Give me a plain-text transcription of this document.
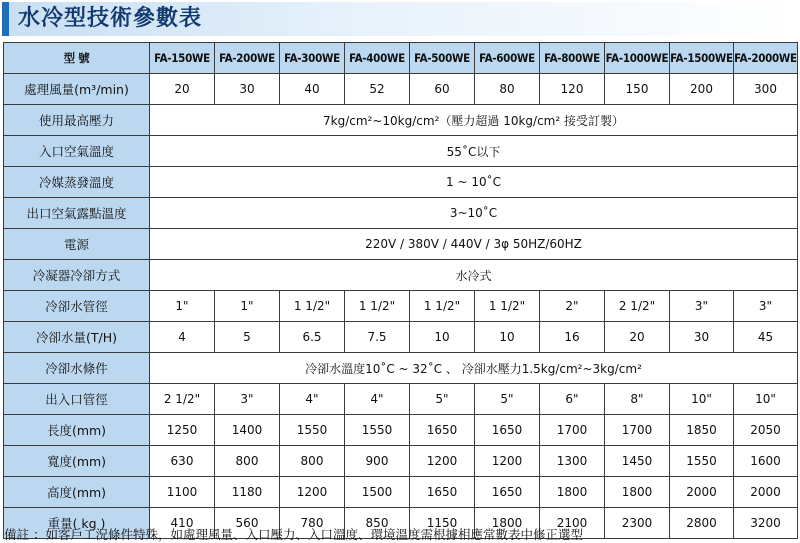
水冷型技術參數表
型 號	FA-150WE	FA-200WE	FA-300WE	FA-400WE	FA-500WE	FA-600WE	FA-800WE	FA-1000WE	FA-1500WE	FA-2000WE
處理風量(m³/min)	20	30	40	52	60	80	120	150	200	300
使用最高壓力	7kg/cm²~10kg/cm²（壓力超過 10kg/cm² 接受訂製）									
入口空氣溫度	55˚C以下									
冷媒蒸發溫度	1 ~ 10˚C									
出口空氣露點溫度	3~10˚C									
電源	220V / 380V / 440V / 3φ 50HZ/60HZ									
冷凝器冷卻方式	水冷式									
冷卻水管徑	1"	1"	1 1/2"	1 1/2"	1 1/2"	1 1/2"	2"	2 1/2"	3"	3"
冷卻水量(T/H)	4	5	6.5	7.5	10	10	16	20	30	45
冷卻水條件	冷卻水溫度10˚C ~ 32˚C 、 冷卻水壓力1.5kg/cm²~3kg/cm²									
出入口管徑	2 1/2"	3"	4"	4"	5"	5"	6"	8"	10"	10"
長度(mm)	1250	1400	1550	1550	1650	1650	1700	1700	1850	2050
寬度(mm)	630	800	800	900	1200	1200	1300	1450	1550	1600
高度(mm)	1100	1180	1200	1500	1650	1650	1800	1800	2000	2000
重量( kg )	410	560	780	850	1150	1800	2100	2300	2800	3200
備註 ：如客戶工況條件特殊，如處理風量、入口壓力、入口溫度、環境溫度需根據相應常數表中修正選型
